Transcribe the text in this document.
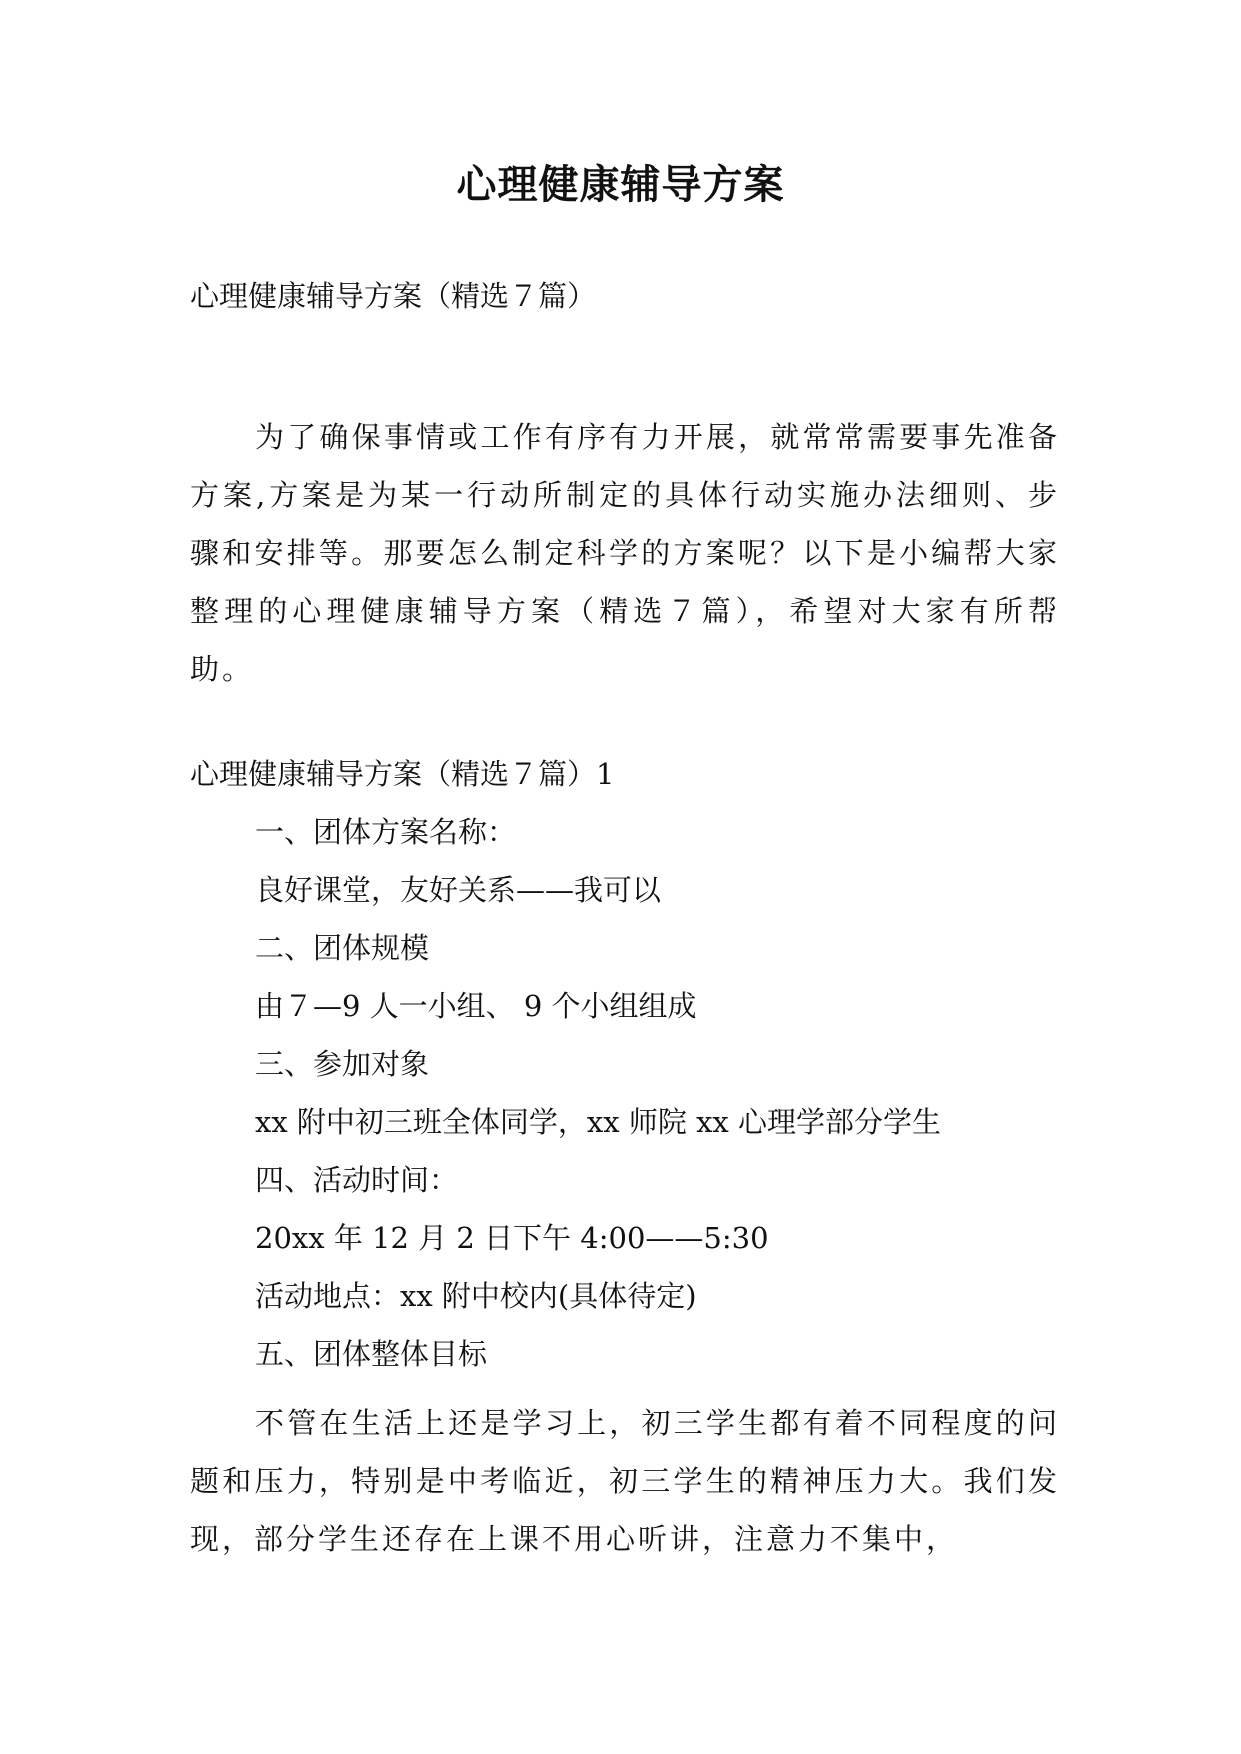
心理健康辅导方案

心理健康辅导方案（精选７篇）

为了确保事情或工作有序有力开展，就常常需要事先准备方案,方案是为某一行动所制定的具体行动实施办法细则、步骤和安排等。那要怎么制定科学的方案呢？以下是小编帮大家整理的心理健康辅导方案（精选７篇），希望对大家有所帮助。

心理健康辅导方案（精选７篇）1

一、团体方案名称：

良好课堂，友好关系——我可以

二、团体规模

由７—9 人一小组、 9 个小组组成

三、参加对象

xx 附中初三班全体同学，xx 师院 xx 心理学部分学生

四、活动时间：

20xx 年 12 月 2 日下午 4:00——5:30

活动地点：xx 附中校内(具体待定)

五、团体整体目标

不管在生活上还是学习上，初三学生都有着不同程度的问题和压力，特别是中考临近，初三学生的精神压力大。我们发现，部分学生还存在上课不用心听讲，注意力不集中，
